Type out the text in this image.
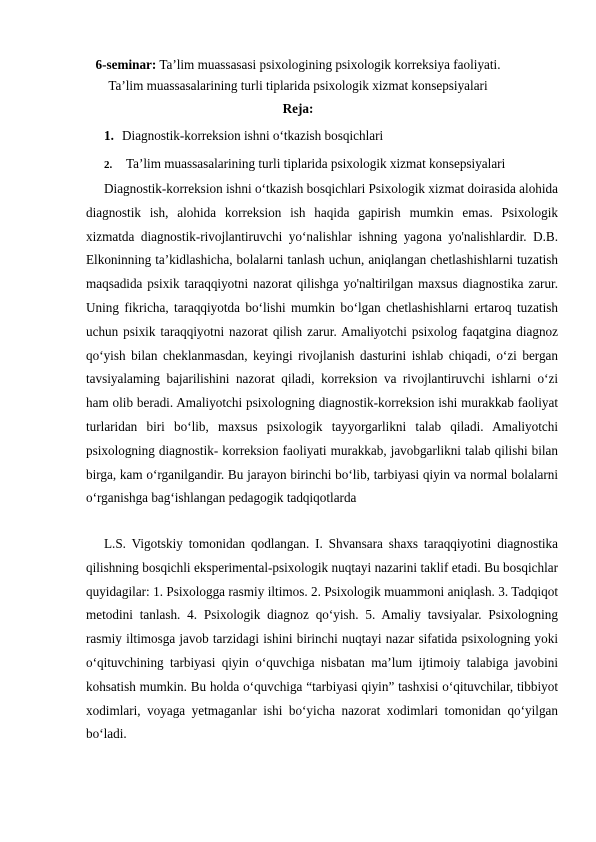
6-seminar: Ta’lim muassasasi psixologining psixologik korreksiya faoliyati.
Ta’lim muassasalarining turli tiplarida psixologik xizmat konsepsiyalari
Reja:
1. Diagnostik-korreksion ishni o‘tkazish bosqichlari
2. Ta’lim muassasalarining turli tiplarida psixologik xizmat konsepsiyalari

Diagnostik-korreksion ishni o‘tkazish bosqichlari Psixologik xizmat doirasida alohida diagnostik ish, alohida korreksion ish haqida gapirish mumkin emas. Psixologik xizmatda diagnostik-rivojlantiruvchi yo‘nalishlar ishning yagona yo'nalishlardir. D.B. Elkoninning ta’kidlashicha, bolalarni tanlash uchun, aniqlangan chetlashishlarni tuzatish maqsadida psixik taraqqiyotni nazorat qilishga yo'naltirilgan maxsus diagnostika zarur. Uning fikricha, taraqqiyotda bo‘lishi mumkin bo‘lgan chetlashishlarni ertaroq tuzatish uchun psixik taraqqiyotni nazorat qilish zarur. Amaliyotchi psixolog faqatgina diagnoz qo‘yish bilan cheklanmasdan, keyingi rivojlanish dasturini ishlab chiqadi, o‘zi bergan tavsiyalaming bajarilishini nazorat qiladi, korreksion va rivojlantiruvchi ishlarni o‘zi ham olib beradi. Amaliyotchi psixologning diagnostik-korreksion ishi murakkab faoliyat turlaridan biri bo‘lib, maxsus psixologik tayyorgarlikni talab qiladi. Amaliyotchi psixologning diagnostik- korreksion faoliyati murakkab, javobgarlikni talab qilishi bilan birga, kam o‘rganilgandir. Bu jarayon birinchi bo‘lib, tarbiyasi qiyin va normal bolalarni o‘rganishga bag‘ishlangan pedagogik tadqiqotlarda

L.S. Vigotskiy tomonidan qodlangan. I. Shvansara shaxs taraqqiyotini diagnostika qilishning bosqichli eksperimental-psixologik nuqtayi nazarini taklif etadi. Bu bosqichlar quyidagilar: 1. Psixologga rasmiy iltimos. 2. Psixologik muammoni aniqlash. 3. Tadqiqot metodini tanlash. 4. Psixologik diagnoz qo‘yish. 5. Amaliy tavsiyalar. Psixologning rasmiy iltimosga javob tarzidagi ishini birinchi nuqtayi nazar sifatida psixologning yoki o‘qituvchining tarbiyasi qiyin o‘quvchiga nisbatan ma’lum ijtimoiy talabiga javobini kohsatish mumkin. Bu holda o‘quvchiga “tarbiyasi qiyin” tashxisi o‘qituvchilar, tibbiyot xodimlari, voyaga yetmaganlar ishi bo‘yicha nazorat xodimlari tomonidan qo‘yilgan bo‘ladi.
